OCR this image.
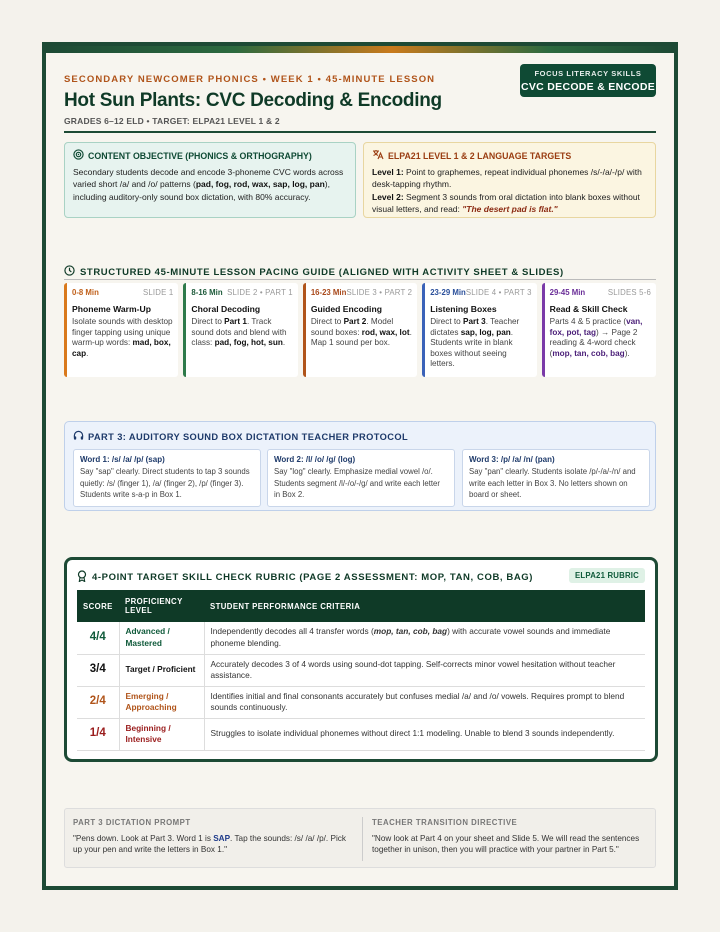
SECONDARY NEWCOMER PHONICS • WEEK 1 • 45-MINUTE LESSON
Hot Sun Plants: CVC Decoding & Encoding
GRADES 6–12 ELD • TARGET: ELPA21 LEVEL 1 & 2
FOCUS LITERACY SKILLS
CVC DECODE & ENCODE
CONTENT OBJECTIVE (PHONICS & ORTHOGRAPHY)
Secondary students decode and encode 3-phoneme CVC words across varied short /a/ and /o/ patterns (pad, fog, rod, wax, sap, log, pan), including auditory-only sound box dictation, with 80% accuracy.
ELPA21 LEVEL 1 & 2 LANGUAGE TARGETS
Level 1: Point to graphemes, repeat individual phonemes /s/-/a/-/p/ with desk-tapping rhythm.
Level 2: Segment 3 sounds from oral dictation into blank boxes without visual letters, and read: "The desert pad is flat."
STRUCTURED 45-MINUTE LESSON PACING GUIDE (ALIGNED WITH ACTIVITY SHEET & SLIDES)
0-8 Min	SLIDE 1
Phoneme Warm-Up
Isolate sounds with desktop finger tapping using unique warm-up words: mad, box, cap.
8-16 Min SLIDE 2 • PART 1
Choral Decoding
Direct to Part 1. Track sound dots and blend with class: pad, fog, hot, sun.
16-23 Min SLIDE 3 • PART 2
Guided Encoding
Direct to Part 2. Model sound boxes: rod, wax, lot. Map 1 sound per box.
23-29 Min SLIDE 4 • PART 3
Listening Boxes
Direct to Part 3. Teacher dictates sap, log, pan. Students write in blank boxes without seeing letters.
29-45 Min	SLIDES 5-6
Read & Skill Check
Parts 4 & 5 practice (van, fox, pot, tag) → Page 2 reading & 4-word check (mop, tan, cob, bag).
PART 3: AUDITORY SOUND BOX DICTATION TEACHER PROTOCOL
Word 1: /s/ /a/ /p/ (sap)
Say "sap" clearly. Direct students to tap 3 sounds quietly: /s/ (finger 1), /a/ (finger 2), /p/ (finger 3). Students write s-a-p in Box 1.
Word 2: /l/ /o/ /g/ (log)
Say "log" clearly. Emphasize medial vowel /o/. Students segment /l/-/o/-/g/ and write each letter in Box 2.
Word 3: /p/ /a/ /n/ (pan)
Say "pan" clearly. Students isolate /p/-/a/-/n/ and write each letter in Box 3. No letters shown on board or sheet.
4-POINT TARGET SKILL CHECK RUBRIC (PAGE 2 ASSESSMENT: MOP, TAN, COB, BAG)	ELPA21 RUBRIC
SCORE	PROFICIENCY LEVEL	STUDENT PERFORMANCE CRITERIA
4/4	Advanced / Mastered	Independently decodes all 4 transfer words (mop, tan, cob, bag) with accurate vowel sounds and immediate phoneme blending.
3/4	Target / Proficient	Accurately decodes 3 of 4 words using sound-dot tapping. Self-corrects minor vowel hesitation without teacher assistance.
2/4	Emerging / Approaching	Identifies initial and final consonants accurately but confuses medial /a/ and /o/ vowels. Requires prompt to blend sounds continuously.
1/4	Beginning / Intensive	Struggles to isolate individual phonemes without direct 1:1 modeling. Unable to blend 3 sounds independently.
PART 3 DICTATION PROMPT
"Pens down. Look at Part 3. Word 1 is SAP. Tap the sounds: /s/ /a/ /p/. Pick up your pen and write the letters in Box 1."
TEACHER TRANSITION DIRECTIVE
"Now look at Part 4 on your sheet and Slide 5. We will read the sentences together in unison, then you will practice with your partner in Part 5."
